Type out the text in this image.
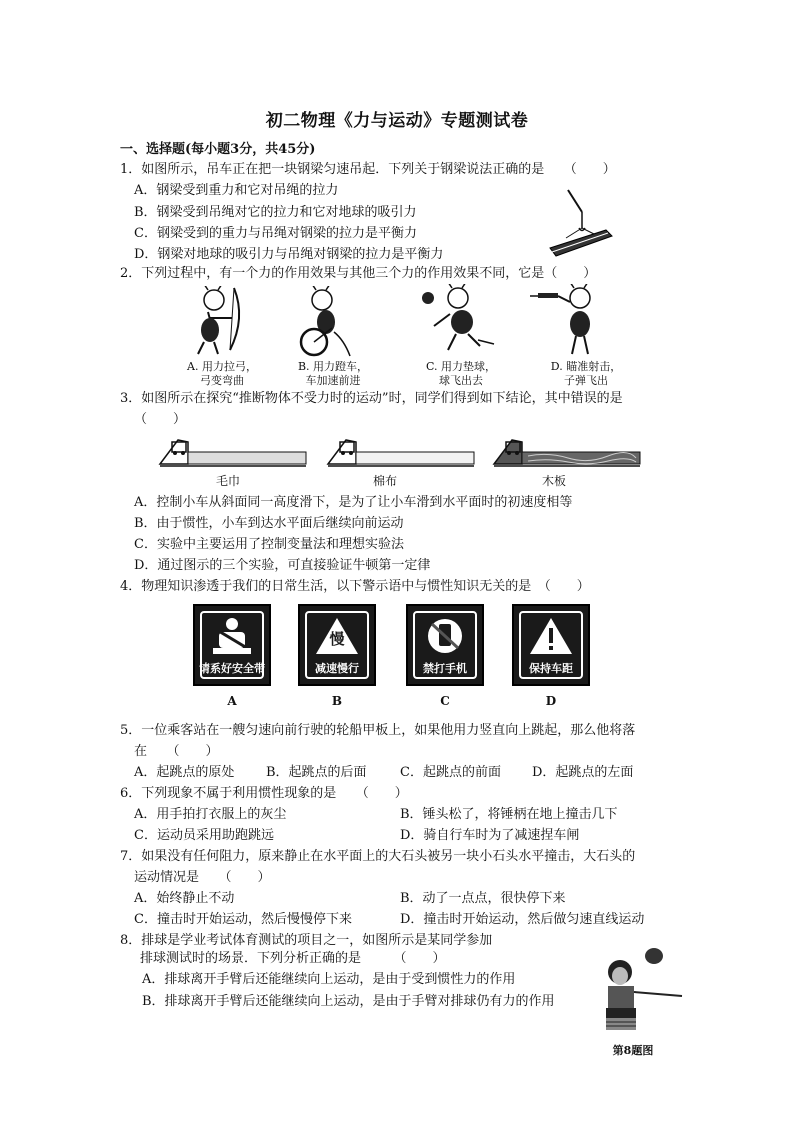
初二物理《力与运动》专题测试卷
一、选择题(每小题3分，共45分)
1．如图所示，吊车正在把一块钢梁匀速吊起．下列关于钢梁说法正确的是　　（　　）
A．钢梁受到重力和它对吊绳的拉力
B．钢梁受到吊绳对它的拉力和它对地球的吸引力
C．钢梁受到的重力与吊绳对钢梁的拉力是平衡力
D．钢梁对地球的吸引力与吊绳对钢梁的拉力是平衡力
2．下列过程中，有一个力的作用效果与其他三个力的作用效果不同，它是（　　）
A. 用力拉弓，
弓变弯曲
B. 用力蹬车，
车加速前进
C. 用力垫球，
球飞出去
D. 瞄准射击，
子弹飞出
3．如图所示在探究“推断物体不受力时的运动”时，同学们得到如下结论，其中错误的是
（　　）
毛巾	棉布	木板
A．控制小车从斜面同一高度滑下，是为了让小车滑到水平面时的初速度相等
B．由于惯性，小车到达水平面后继续向前运动
C．实验中主要运用了控制变量法和理想实验法
D．通过图示的三个实验，可直接验证牛顿第一定律
4．物理知识渗透于我们的日常生活，以下警示语中与惯性知识无关的是　（　　）
请系好安全带
慢
减速慢行	禁打手机	保持车距
A	B	C	D
5．一位乘客站在一艘匀速向前行驶的轮船甲板上，如果他用力竖直向上跳起，那么他将落
在　　（　　）
A．起跳点的原处 B．起跳点的后面	C．起跳点的前面 D．起跳点的左面
6．下列现象不属于利用惯性现象的是　　（　　）
A．用手拍打衣服上的灰尘	B．锤头松了，将锤柄在地上撞击几下
C．运动员采用助跑跳远	D．骑自行车时为了减速捏车闸
7．如果没有任何阻力，原来静止在水平面上的大石头被另一块小石头水平撞击，大石头的
运动情况是　　（　　）
A．始终静止不动	B．动了一点点，很快停下来
C．撞击时开始运动，然后慢慢停下来	D．撞击时开始运动，然后做匀速直线运动
8．排球是学业考试体育测试的项目之一，如图所示是某同学参加
排球测试时的场景．下列分析正确的是　　　（　　）
A．排球离开手臂后还能继续向上运动，是由于受到惯性力的作用
B．排球离开手臂后还能继续向上运动，是由于手臂对排球仍有力的作用
第8题图
